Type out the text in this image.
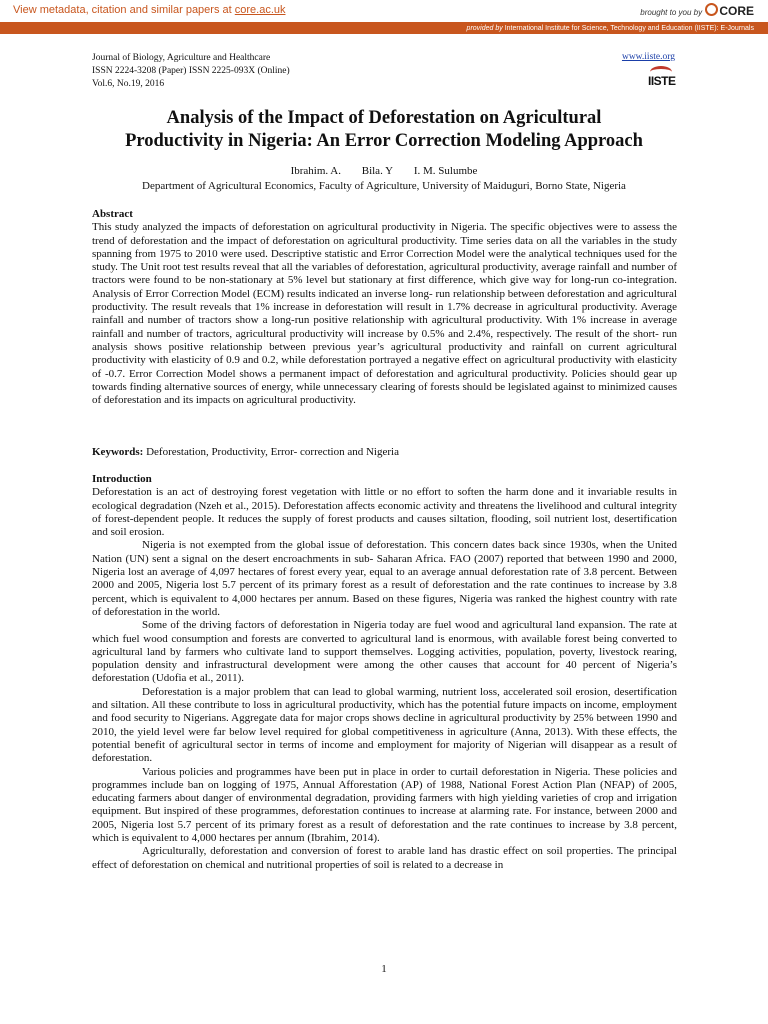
View metadata, citation and similar papers at core.ac.uk	brought to you by CORE
provided by International Institute for Science, Technology and Education (IISTE): E-Journals
Journal of Biology, Agriculture and Healthcare
ISSN 2224-3208 (Paper) ISSN 2225-093X (Online)
Vol.6, No.19, 2016
www.iiste.org
IISTE
Analysis of the Impact of Deforestation on Agricultural
Productivity in Nigeria: An Error Correction Modeling Approach
Ibrahim. A. Bila. Y I. M. Sulumbe
Department of Agricultural Economics, Faculty of Agriculture, University of Maiduguri, Borno State, Nigeria
Abstract
This study analyzed the impacts of deforestation on agricultural productivity in Nigeria. The specific objectives were to assess the trend of deforestation and the impact of deforestation on agricultural productivity. Time series data on all the variables in the study spanning from 1975 to 2010 were used. Descriptive statistic and Error Correction Model were the analytical techniques used for the study. The Unit root test results reveal that all the variables of deforestation, agricultural productivity, average rainfall and number of tractors were found to be non-stationary at 5% level but stationary at first difference, which give way for long-run co-integration. Analysis of Error Correction Model (ECM) results indicated an inverse long- run relationship between deforestation and agricultural productivity. The result reveals that 1% increase in deforestation will result in 1.7% decrease in agricultural productivity. Average rainfall and number of tractors show a long-run positive relationship with agricultural productivity. With 1% increase in average rainfall and number of tractors, agricultural productivity will increase by 0.5% and 2.4%, respectively. The result of the short- run analysis shows positive relationship between previous year’s agricultural productivity and rainfall on current agricultural productivity with elasticity of 0.9 and 0.2, while deforestation portrayed a negative effect on agricultural productivity with elasticity of -0.7. Error Correction Model shows a permanent impact of deforestation and agricultural productivity. Policies should gear up towards finding alternative sources of energy, while unnecessary clearing of forests should be legislated against to minimized causes of deforestation and its impacts on agricultural productivity.
Keywords: Deforestation, Productivity, Error- correction and Nigeria
Introduction

Deforestation is an act of destroying forest vegetation with little or no effort to soften the harm done and it invariable results in ecological degradation (Nzeh et al., 2015). Deforestation affects economic activity and threatens the livelihood and cultural integrity of forest-dependent people. It reduces the supply of forest products and causes siltation, flooding, soil nutrient lost, desertification and soil erosion.

Nigeria is not exempted from the global issue of deforestation. This concern dates back since 1930s, when the United Nation (UN) sent a signal on the desert encroachments in sub- Saharan Africa. FAO (2007) reported that between 1990 and 2000, Nigeria lost an average of 4,097 hectares of forest every year, equal to an average annual deforestation rate of 3.8 percent. Between 2000 and 2005, Nigeria lost 5.7 percent of its primary forest as a result of deforestation and the rate continues to increase by 3.8 percent, which is equivalent to 4,000 hectares per annum. Based on these figures, Nigeria was ranked the highest country with rate of deforestation in the world.

Some of the driving factors of deforestation in Nigeria today are fuel wood and agricultural land expansion. The rate at which fuel wood consumption and forests are converted to agricultural land is enormous, with available forest being converted to agricultural land by farmers who cultivate land to support themselves. Logging activities, population, poverty, livestock rearing, population density and infrastructural development were among the other causes that account for 40 percent of Nigeria’s deforestation (Udofia et al., 2011).

Deforestation is a major problem that can lead to global warming, nutrient loss, accelerated soil erosion, desertification and siltation. All these contribute to loss in agricultural productivity, which has the potential future impacts on income, employment and food security to Nigerians. Aggregate data for major crops shows decline in agricultural productivity by 25% between 1990 and 2010, the yield level were far below level required for global competitiveness in agriculture (Anna, 2013). With these effects, the potential benefit of agricultural sector in terms of income and employment for majority of Nigerian will disappear as a result of deforestation.

Various policies and programmes have been put in place in order to curtail deforestation in Nigeria. These policies and programmes include ban on logging of 1975, Annual Afforestation (AP) of 1988, National Forest Action Plan (NFAP) of 2005, educating farmers about danger of environmental degradation, providing farmers with high yielding varieties of crop and irrigation equipment. But inspired of these programmes, deforestation continues to increase at alarming rate. For instance, between 2000 and 2005, Nigeria lost 5.7 percent of its primary forest as a result of deforestation and the rate continues to increase by 3.8 percent, which is equivalent to 4,000 hectares per annum (Ibrahim, 2014).

Agriculturally, deforestation and conversion of forest to arable land has drastic effect on soil properties. The principal effect of deforestation on chemical and nutritional properties of soil is related to a decrease in

1
